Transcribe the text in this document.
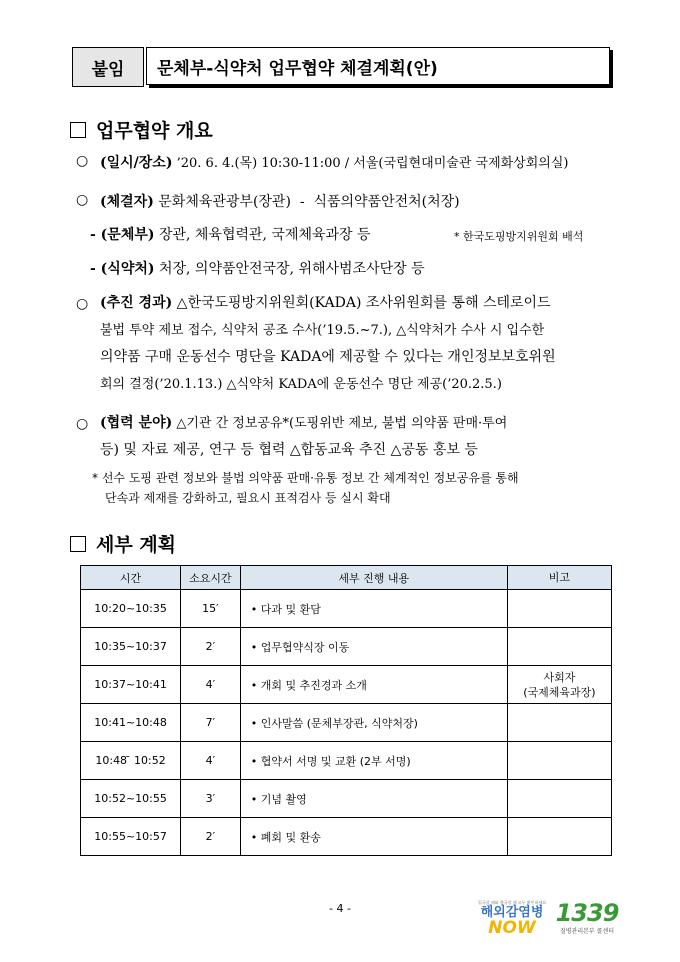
붙임 문체부-식약처 업무협약 체결계획(안)
업무협약 개요
○ (일시/장소) ’20. 6. 4.(목) 10:30-11:00 / 서울(국립현대미술관 국제화상회의실)
○ (체결자) 문화체육관광부(장관)  -  식품의약품안전처(처장)
- (문체부) 장관, 체육협력관, 국제체육과장 등	* 한국도핑방지위원회 배석
- (식약처) 처장, 의약품안전국장, 위해사범조사단장 등
○ (추진 경과) △한국도핑방지위원회(KADA) 조사위원회를 통해 스테로이드
불법 투약 제보 접수, 식약처 공조 수사(’19.5.~7.), △식약처가 수사 시 입수한
의약품 구매 운동선수 명단을 KADA에 제공할 수 있다는 개인정보보호위원
회의 결정(’20.1.13.) △식약처 KADA에 운동선수 명단 제공(’20.2.5.)
○ (협력 분야) △기관 간 정보공유*(도핑위반 제보, 불법 의약품 판매·투여
등) 및 자료 제공, 연구 등 협력 △합동교육 추진 △공동 홍보 등
* 선수 도핑 관련 정보와 불법 의약품 판매·유통 정보 간 체계적인 정보공유를 통해
단속과 제재를 강화하고, 필요시 표적검사 등 실시 확대
세부 계획
시간	소요시간	세부 진행 내용	비고
10:20~10:35	15′	• 다과 및 환담	
10:35~10:37	2′	• 업무협약식장 이동	
10:37~10:41	4′	• 개회 및 추진경과 소개	사회자
(국제체육과장)
10:41~10:48	7′	• 인사말씀 (문체부장관, 식약처장)	
10:48 ̄ 10:52	4′	• 협약서 서명 및 교환 (2부 서명)	
10:52~10:55	3′	• 기념 촬영	
10:55~10:57	2′	• 폐회 및 환송	
- 4 -	입국할 때와 출국할 때 모두 확인하세요
해외감염병
NOW
1339
질병관리본부 콜센터
